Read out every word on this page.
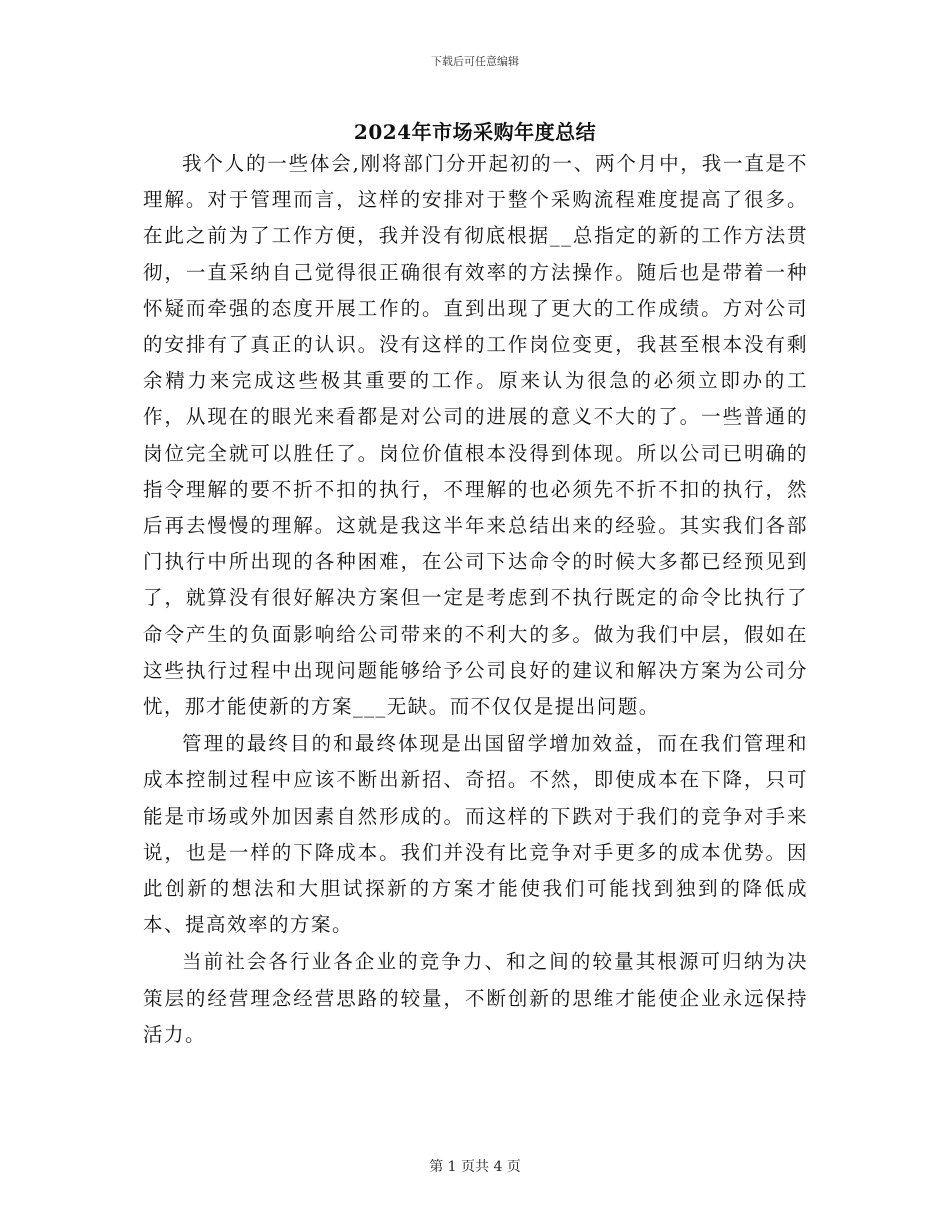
下载后可任意编辑
2024年市场采购年度总结

我个人的一些体会,刚将部门分开起初的一、两个月中，我一直是不理解。对于管理而言，这样的安排对于整个采购流程难度提高了很多。在此之前为了工作方便，我并没有彻底根据__总指定的新的工作方法贯彻，一直采纳自己觉得很正确很有效率的方法操作。随后也是带着一种怀疑而牵强的态度开展工作的。直到出现了更大的工作成绩。方对公司的安排有了真正的认识。没有这样的工作岗位变更，我甚至根本没有剩余精力来完成这些极其重要的工作。原来认为很急的必须立即办的工作，从现在的眼光来看都是对公司的进展的意义不大的了。一些普通的岗位完全就可以胜任了。岗位价值根本没得到体现。所以公司已明确的指令理解的要不折不扣的执行，不理解的也必须先不折不扣的执行，然后再去慢慢的理解。这就是我这半年来总结出来的经验。其实我们各部门执行中所出现的各种困难，在公司下达命令的时候大多都已经预见到了，就算没有很好解决方案但一定是考虑到不执行既定的命令比执行了命令产生的负面影响给公司带来的不利大的多。做为我们中层，假如在这些执行过程中出现问题能够给予公司良好的建议和解决方案为公司分忧，那才能使新的方案___无缺。而不仅仅是提出问题。

管理的最终目的和最终体现是出国留学增加效益，而在我们管理和成本控制过程中应该不断出新招、奇招。不然，即使成本在下降，只可能是市场或外加因素自然形成的。而这样的下跌对于我们的竞争对手来说，也是一样的下降成本。我们并没有比竞争对手更多的成本优势。因此创新的想法和大胆试探新的方案才能使我们可能找到独到的降低成本、提高效率的方案。

当前社会各行业各企业的竞争力、和之间的较量其根源可归纳为决策层的经营理念经营思路的较量，不断创新的思维才能使企业永远保持活力。

第 1 页共 4 页
